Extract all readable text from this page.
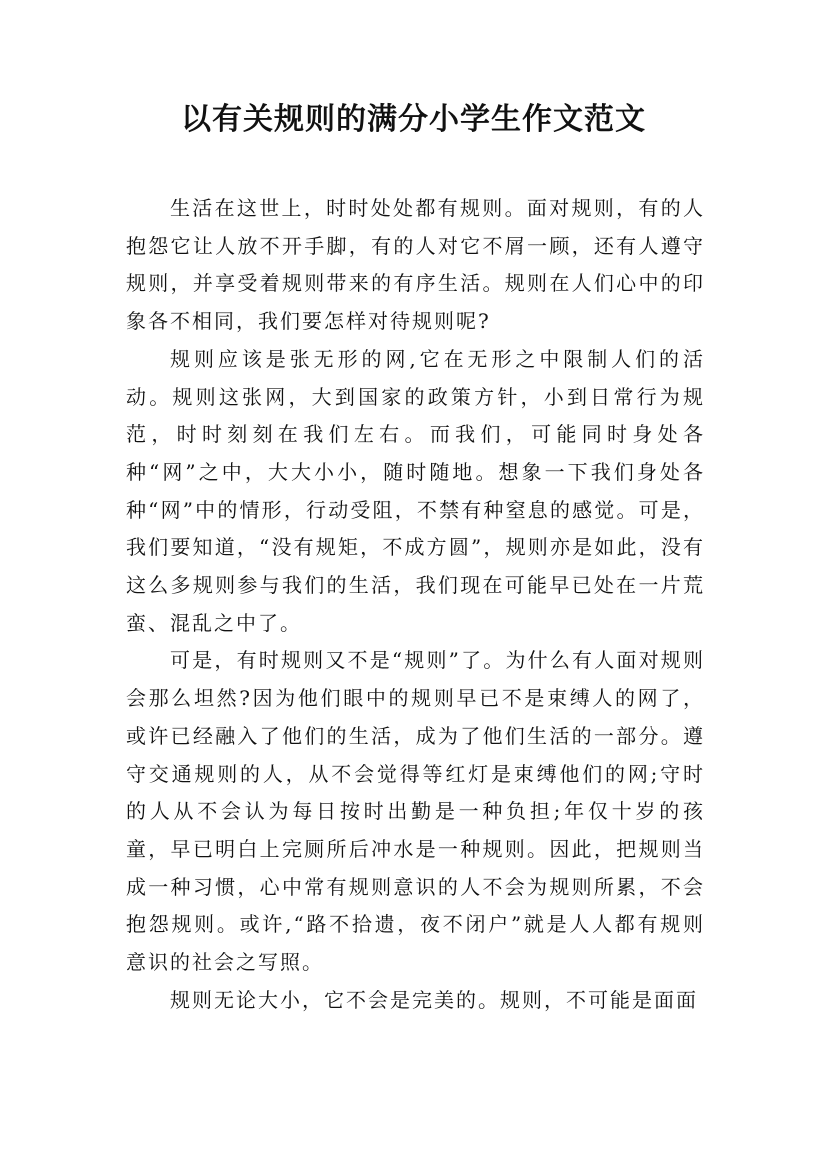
以有关规则的满分小学生作文范文

生活在这世上，时时处处都有规则。面对规则，有的人抱怨它让人放不开手脚，有的人对它不屑一顾，还有人遵守规则，并享受着规则带来的有序生活。规则在人们心中的印象各不相同，我们要怎样对待规则呢?

规则应该是张无形的网,它在无形之中限制人们的活动。规则这张网，大到国家的政策方针，小到日常行为规范，时时刻刻在我们左右。而我们，可能同时身处各种“网”之中，大大小小，随时随地。想象一下我们身处各种“网”中的情形，行动受阻，不禁有种窒息的感觉。可是，我们要知道，“没有规矩，不成方圆”，规则亦是如此，没有这么多规则参与我们的生活，我们现在可能早已处在一片荒蛮、混乱之中了。

可是，有时规则又不是“规则”了。为什么有人面对规则会那么坦然?因为他们眼中的规则早已不是束缚人的网了，或许已经融入了他们的生活，成为了他们生活的一部分。遵守交通规则的人，从不会觉得等红灯是束缚他们的网;守时的人从不会认为每日按时出勤是一种负担;年仅十岁的孩童，早已明白上完厕所后冲水是一种规则。因此，把规则当成一种习惯，心中常有规则意识的人不会为规则所累，不会抱怨规则。或许,“路不拾遗，夜不闭户”就是人人都有规则意识的社会之写照。

规则无论大小，它不会是完美的。规则，不可能是面面
